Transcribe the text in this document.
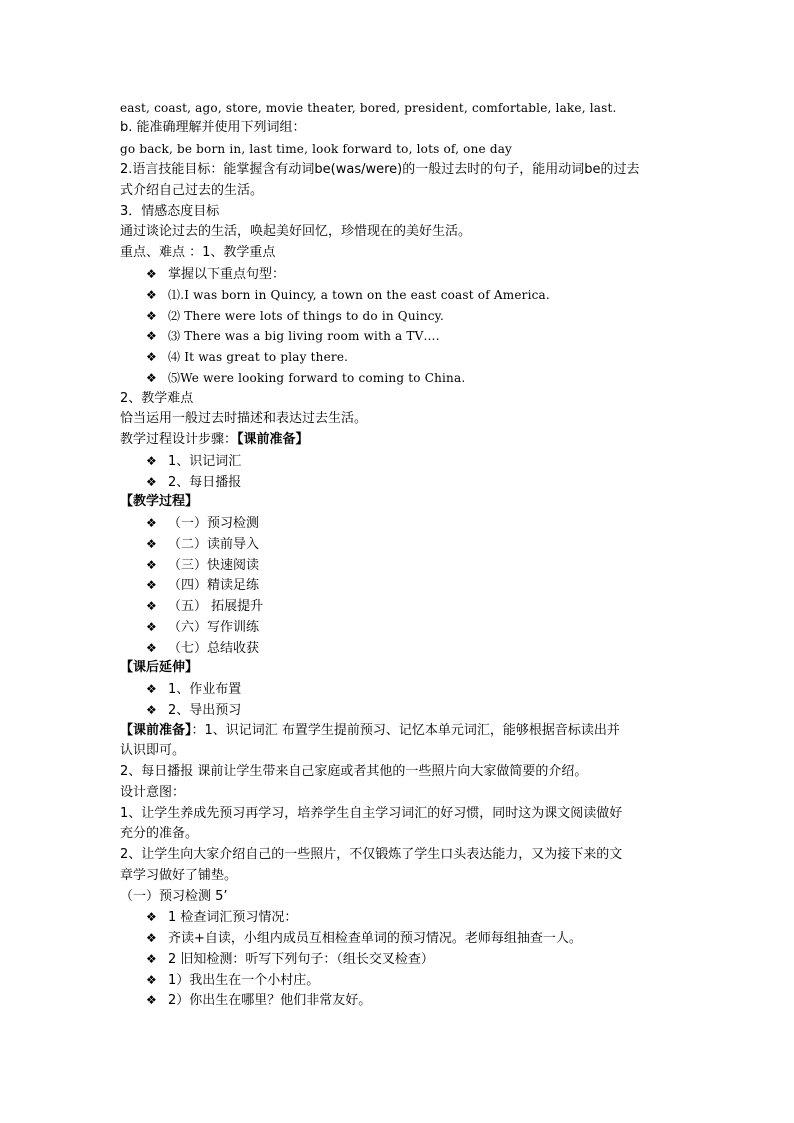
east, coast, ago, store, movie theater, bored, president, comfortable, lake, last.
b. 能准确理解并使用下列词组：
go back, be born in, last time, look forward to, lots of, one day
2.语言技能目标：能掌握含有动词be(was/were)的一般过去时的句子，能用动词be的过去
式介绍自己过去的生活。
3．情感态度目标
通过谈论过去的生活，唤起美好回忆，珍惜现在的美好生活。
重点、难点 ：1、教学重点
❖ 掌握以下重点句型：
❖ ⑴.I was born in Quincy, a town on the east coast of America.
❖ ⑵ There were lots of things to do in Quincy.
❖ ⑶ There was a big living room with a TV….
❖ ⑷ It was great to play there.
❖ ⑸We were looking forward to coming to China.
2、教学难点
恰当运用一般过去时描述和表达过去生活。
教学过程设计步骤：【课前准备】
❖ 1、识记词汇
❖ 2、每日播报
【教学过程】
❖ （一）预习检测
❖ （二）读前导入
❖ （三）快速阅读
❖ （四）精读足练
❖ （五） 拓展提升
❖ （六）写作训练
❖ （七）总结收获
【课后延伸】
❖ 1、作业布置
❖ 2、导出预习
【课前准备】：1、识记词汇 布置学生提前预习、记忆本单元词汇，能够根据音标读出并
认识即可。
2、每日播报 课前让学生带来自己家庭或者其他的一些照片向大家做简要的介绍。
设计意图：
1、让学生养成先预习再学习，培养学生自主学习词汇的好习惯，同时这为课文阅读做好
充分的准备。
2、让学生向大家介绍自己的一些照片，不仅锻炼了学生口头表达能力，又为接下来的文
章学习做好了铺垫。
（一）预习检测 5’
❖ 1 检查词汇预习情况：
❖ 齐读+自读，小组内成员互相检查单词的预习情况。老师每组抽查一人。
❖ 2 旧知检测：听写下列句子：（组长交叉检查）
❖ 1）我出生在一个小村庄。
❖ 2）你出生在哪里？他们非常友好。
